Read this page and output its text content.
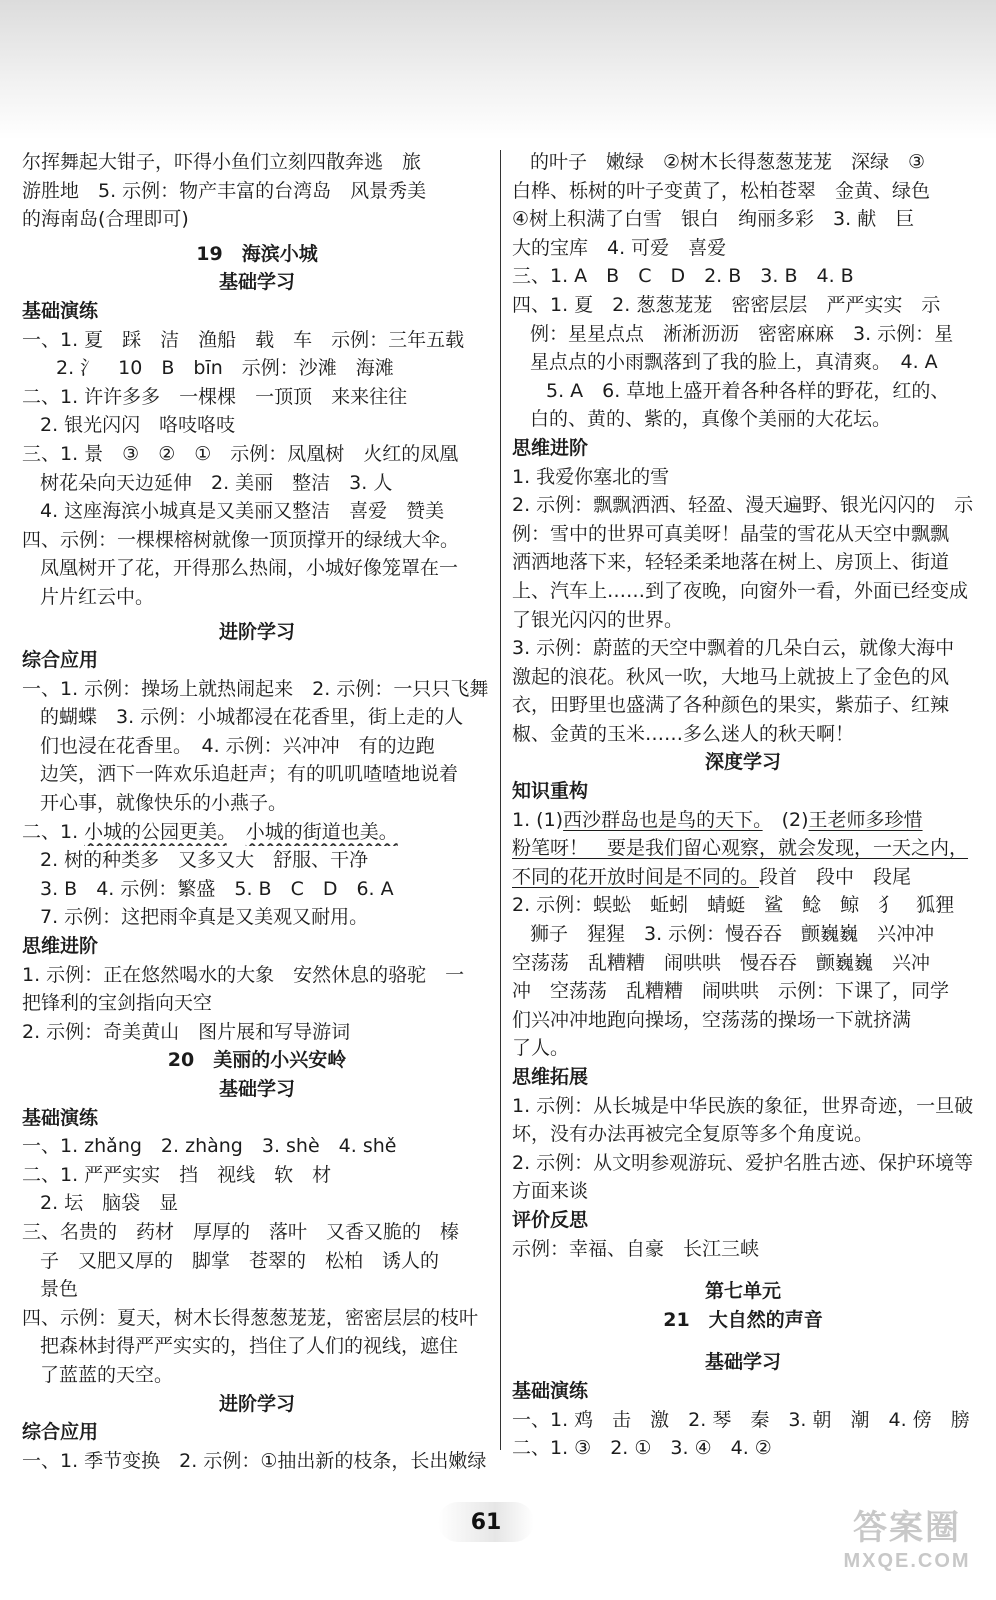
尔挥舞起大钳子，吓得小鱼们立刻四散奔逃　旅
游胜地　5. 示例：物产丰富的台湾岛　风景秀美
的海南岛(合理即可)
19　海滨小城
基础学习
基础演练
一、1. 夏　踩　洁　渔船　载　车　示例：三年五载
2. 氵　10　B　bīn　示例：沙滩　海滩
二、1. 许许多多　一棵棵　一顶顶　来来往往
2. 银光闪闪　咯吱咯吱
三、1. 景　③　②　①　示例：凤凰树　火红的凤凰
树花朵向天边延伸　2. 美丽　整洁　3. 人
4. 这座海滨小城真是又美丽又整洁　喜爱　赞美
四、示例：一棵棵榕树就像一顶顶撑开的绿绒大伞。
凤凰树开了花，开得那么热闹，小城好像笼罩在一
片片红云中。
进阶学习
综合应用
一、1. 示例：操场上就热闹起来　2. 示例：一只只飞舞
的蝴蝶　3. 示例：小城都浸在花香里，街上走的人
们也浸在花香里。　4. 示例：兴冲冲　有的边跑
边笑，洒下一阵欢乐追赶声；有的叽叽喳喳地说着
开心事，就像快乐的小燕子。
二、1. 小城的公园更美。　 小城的街道也美。
2. 树的种类多　又多又大　舒服、干净
3. B　4. 示例：繁盛　5. B　C　D　6. A
7. 示例：这把雨伞真是又美观又耐用。
思维进阶
1. 示例：正在悠然喝水的大象　安然休息的骆驼　一
把锋利的宝剑指向天空
2. 示例：奇美黄山　图片展和写导游词
20　美丽的小兴安岭
基础学习
基础演练
一、1. zhǎng　2. zhàng　3. shè　4. shě
二、1. 严严实实　挡　视线　软　材
2. 坛　脑袋　显
三、名贵的　药材　厚厚的　落叶　又香又脆的　榛
子　又肥又厚的　脚掌　苍翠的　松柏　诱人的
景色
四、示例：夏天，树木长得葱葱茏茏，密密层层的枝叶
把森林封得严严实实的，挡住了人们的视线，遮住
了蓝蓝的天空。
进阶学习
综合应用
一、1. 季节变换　2. 示例：①抽出新的枝条，长出嫩绿
的叶子　嫩绿　②树木长得葱葱茏茏　深绿　③
白桦、栎树的叶子变黄了，松柏苍翠　金黄、绿色
④树上积满了白雪　银白　绚丽多彩　3. 献　巨
大的宝库　4. 可爱　喜爱
三、1. A　B　C　D　2. B　3. B　4. B
四、1. 夏　2. 葱葱茏茏　密密层层　严严实实　示
例：星星点点　淅淅沥沥　密密麻麻　3. 示例：星
星点点的小雨飘落到了我的脸上，真清爽。　4. A
5. A　6. 草地上盛开着各种各样的野花，红的、
白的、黄的、紫的，真像个美丽的大花坛。
思维进阶
1. 我爱你塞北的雪
2. 示例：飘飘洒洒、轻盈、漫天遍野、银光闪闪的　示
例：雪中的世界可真美呀！晶莹的雪花从天空中飘飘
洒洒地落下来，轻轻柔柔地落在树上、房顶上、街道
上、汽车上……到了夜晚，向窗外一看，外面已经变成
了银光闪闪的世界。
3. 示例：蔚蓝的天空中飘着的几朵白云，就像大海中
激起的浪花。秋风一吹，大地马上就披上了金色的风
衣，田野里也盛满了各种颜色的果实，紫茄子、红辣
椒、金黄的玉米……多么迷人的秋天啊！
深度学习
知识重构
1. (1)西沙群岛也是鸟的天下。　(2)王老师多珍惜
粉笔呀！　要是我们留心观察，就会发现，一天之内，
不同的花开放时间是不同的。段首　段中　段尾
2. 示例：蜈蚣　蚯蚓　蜻蜓　鲨　鲶　鲸　犭　狐狸
狮子　猩猩　3. 示例：慢吞吞　颤巍巍　兴冲冲
空荡荡　乱糟糟　闹哄哄　慢吞吞　颤巍巍　兴冲
冲　空荡荡　乱糟糟　闹哄哄　示例：下课了，同学
们兴冲冲地跑向操场，空荡荡的操场一下就挤满
了人。
思维拓展
1. 示例：从长城是中华民族的象征，世界奇迹，一旦破
坏，没有办法再被完全复原等多个角度说。
2. 示例：从文明参观游玩、爱护名胜古迹、保护环境等
方面来谈
评价反思
示例：幸福、自豪　长江三峡
第七单元
21　大自然的声音
基础学习
基础演练
一、1. 鸡　击　激　2. 琴　秦　3. 朝　潮　4. 傍　膀
二、1. ③　2. ①　3. ④　4. ②
61	答案圈
MXQE.COM
